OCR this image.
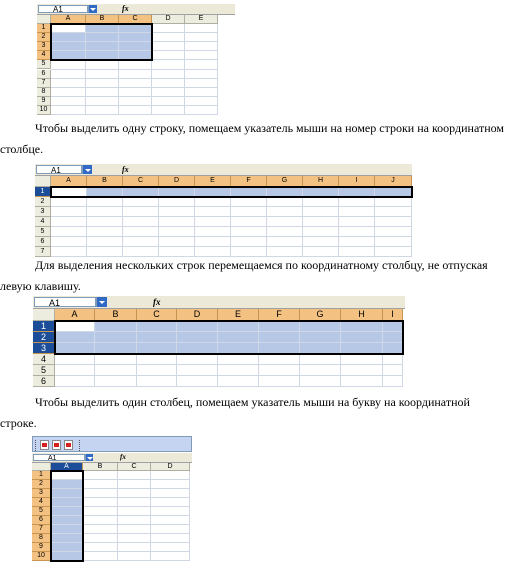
A1	fx
A	B	C	D	E
1
2
3
4
5
6
7
8
9
10

Чтобы выделить одну строку, помещаем указатель мыши на номер строки на координатном столбце.

A1	fx
A	B	C	D	E	F	G	H	I	J
1
2
3
4
5
6
7

Для выделения нескольких строк перемещаемся по координатному столбцу, не отпуская левую клавишу.

A1	fx
A	B	C	D	E	F	G	H	I
1
2
3
4
5
6

Чтобы выделить один столбец, помещаем указатель мыши на букву на координатной строке.

A1	fx
A	B	C	D
1
2
3
4
5
6
7
8
9
10
